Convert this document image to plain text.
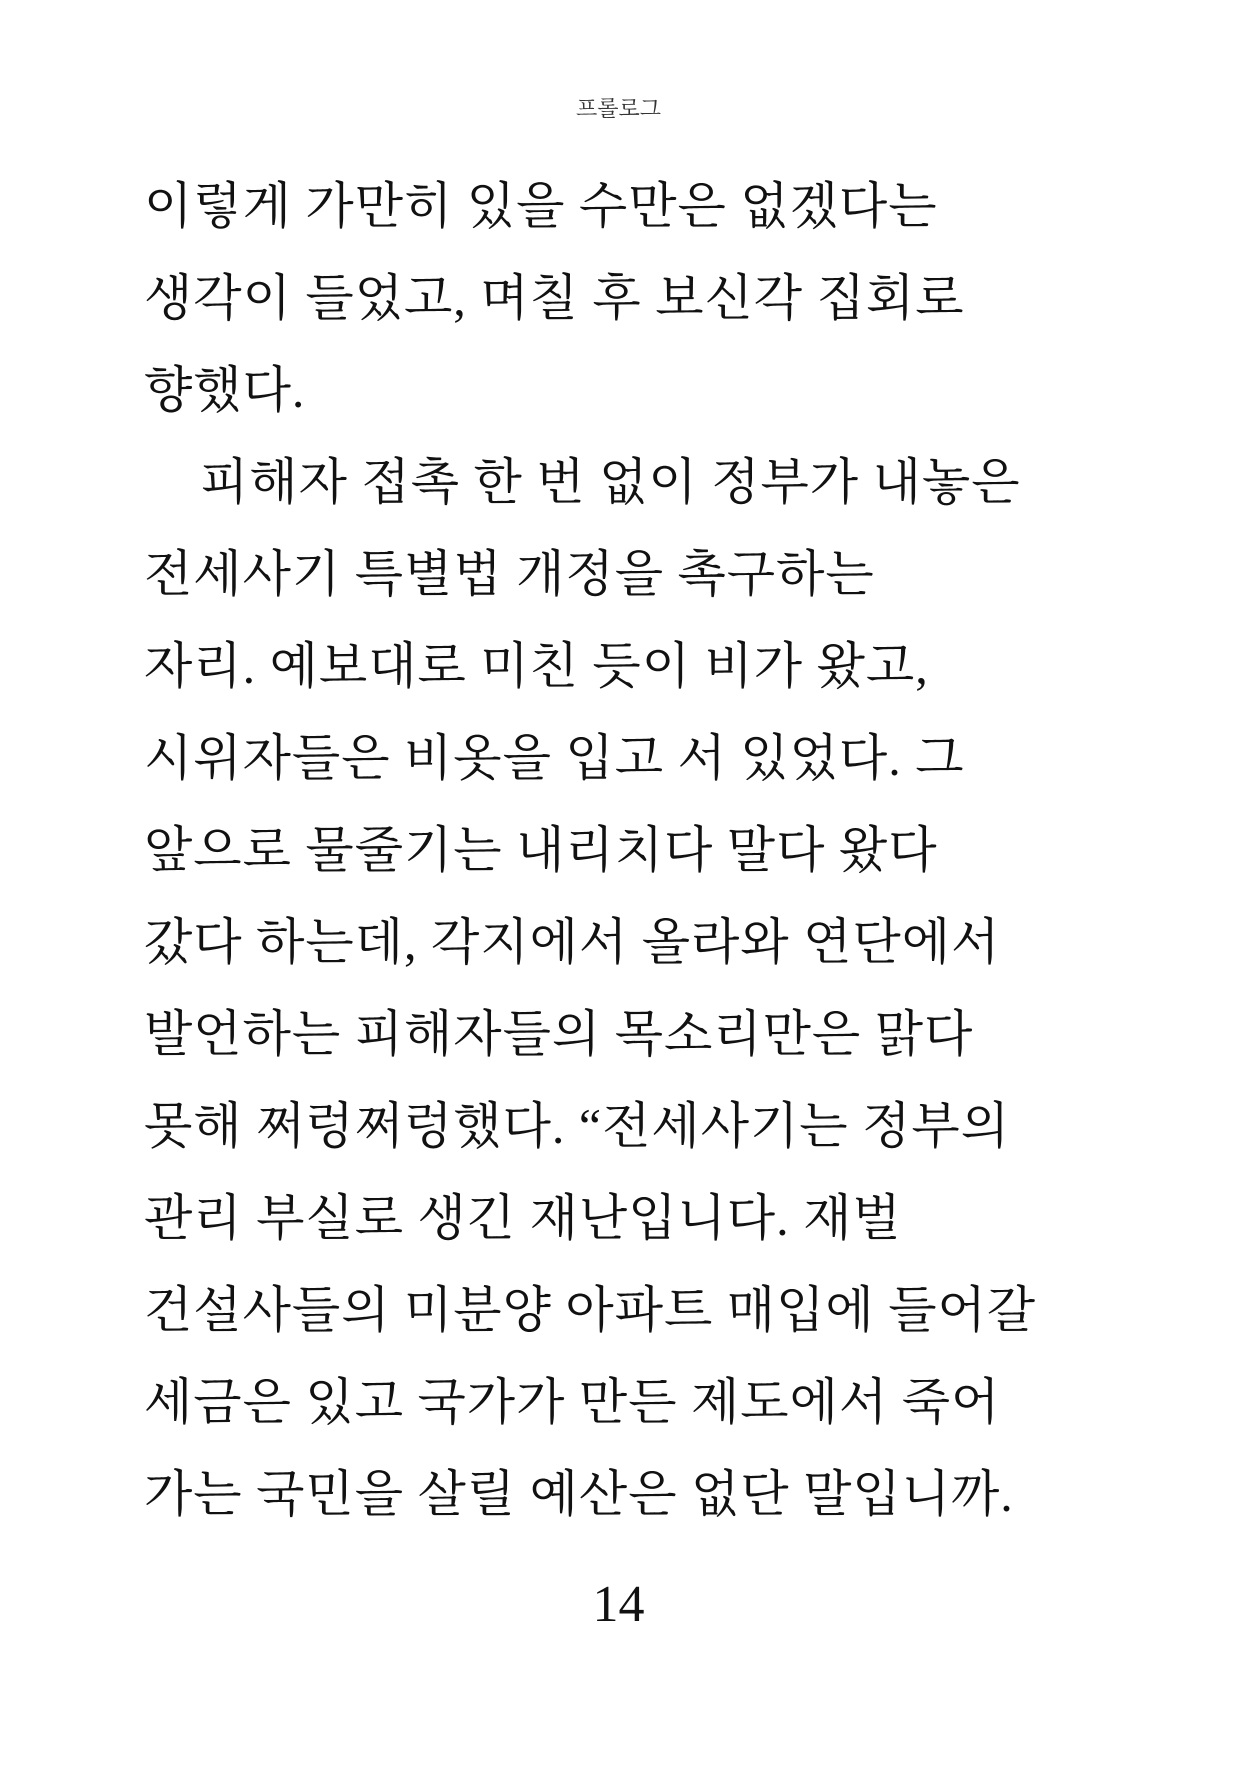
프롤로그
이렇게 가만히 있을 수만은 없겠다는
생각이 들었고, 며칠 후 보신각 집회로
향했다.
피해자 접촉 한 번 없이 정부가 내놓은
전세사기 특별법 개정을 촉구하는
자리. 예보대로 미친 듯이 비가 왔고,
시위자들은 비옷을 입고 서 있었다. 그
앞으로 물줄기는 내리치다 말다 왔다
갔다 하는데, 각지에서 올라와 연단에서
발언하는 피해자들의 목소리만은 맑다
못해 쩌렁쩌렁했다. “전세사기는 정부의
관리 부실로 생긴 재난입니다. 재벌
건설사들의 미분양 아파트 매입에 들어갈
세금은 있고 국가가 만든 제도에서 죽어
가는 국민을 살릴 예산은 없단 말입니까.
14
